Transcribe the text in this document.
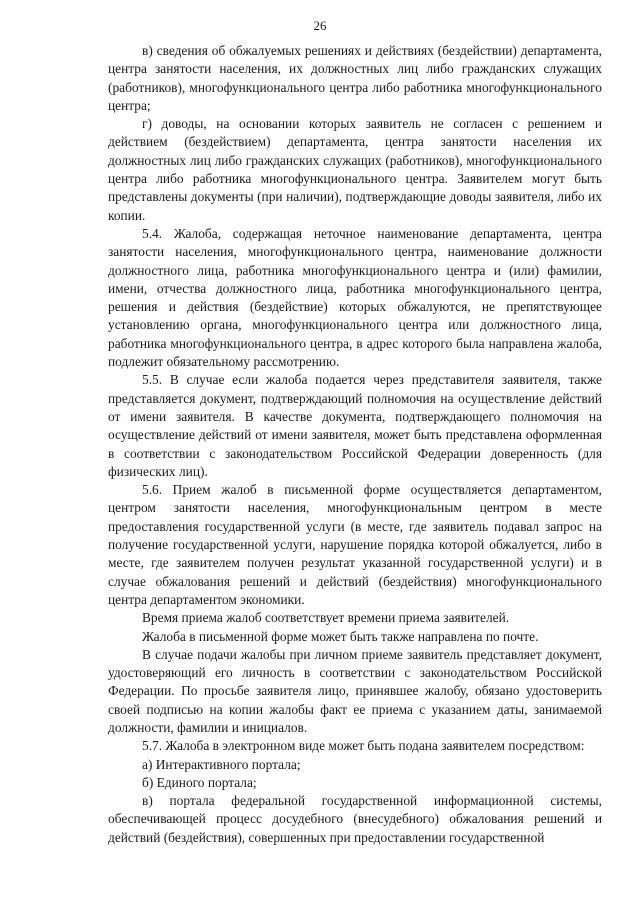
26

в) сведения об обжалуемых решениях и действиях (бездействии) департамента, центра занятости населения, их должностных лиц либо гражданских служащих (работников), многофункционального центра либо работника многофункционального центра;

г) доводы, на основании которых заявитель не согласен с решением и действием (бездействием) департамента, центра занятости населения их должностных лиц либо гражданских служащих (работников), многофункционального центра либо работника многофункционального центра. Заявителем могут быть представлены документы (при наличии), подтверждающие доводы заявителя, либо их копии.

5.4. Жалоба, содержащая неточное наименование департамента, центра занятости населения, многофункционального центра, наименование должности должностного лица, работника многофункционального центра и (или) фамилии, имени, отчества должностного лица, работника многофункционального центра, решения и действия (бездействие) которых обжалуются, не препятствующее установлению органа, многофункционального центра или должностного лица, работника многофункционального центра, в адрес которого была направлена жалоба, подлежит обязательному рассмотрению.

5.5. В случае если жалоба подается через представителя заявителя, также представляется документ, подтверждающий полномочия на осуществление действий от имени заявителя. В качестве документа, подтверждающего полномочия на осуществление действий от имени заявителя, может быть представлена оформленная в соответствии с законодательством Российской Федерации доверенность (для физических лиц).

5.6. Прием жалоб в письменной форме осуществляется департаментом, центром занятости населения, многофункциональным центром в месте предоставления государственной услуги (в месте, где заявитель подавал запрос на получение государственной услуги, нарушение порядка которой обжалуется, либо в месте, где заявителем получен результат указанной государственной услуги) и в случае обжалования решений и действий (бездействия) многофункционального центра департаментом экономики.

Время приема жалоб соответствует времени приема заявителей.

Жалоба в письменной форме может быть также направлена по почте.

В случае подачи жалобы при личном приеме заявитель представляет документ, удостоверяющий его личность в соответствии с законодательством Российской Федерации. По просьбе заявителя лицо, принявшее жалобу, обязано удостоверить своей подписью на копии жалобы факт ее приема с указанием даты, занимаемой должности, фамилии и инициалов.

5.7. Жалоба в электронном виде может быть подана заявителем посредством:

а) Интерактивного портала;

б) Единого портала;

в) портала федеральной государственной информационной системы, обеспечивающей процесс досудебного (внесудебного) обжалования решений и действий (бездействия), совершенных при предоставлении государственной
